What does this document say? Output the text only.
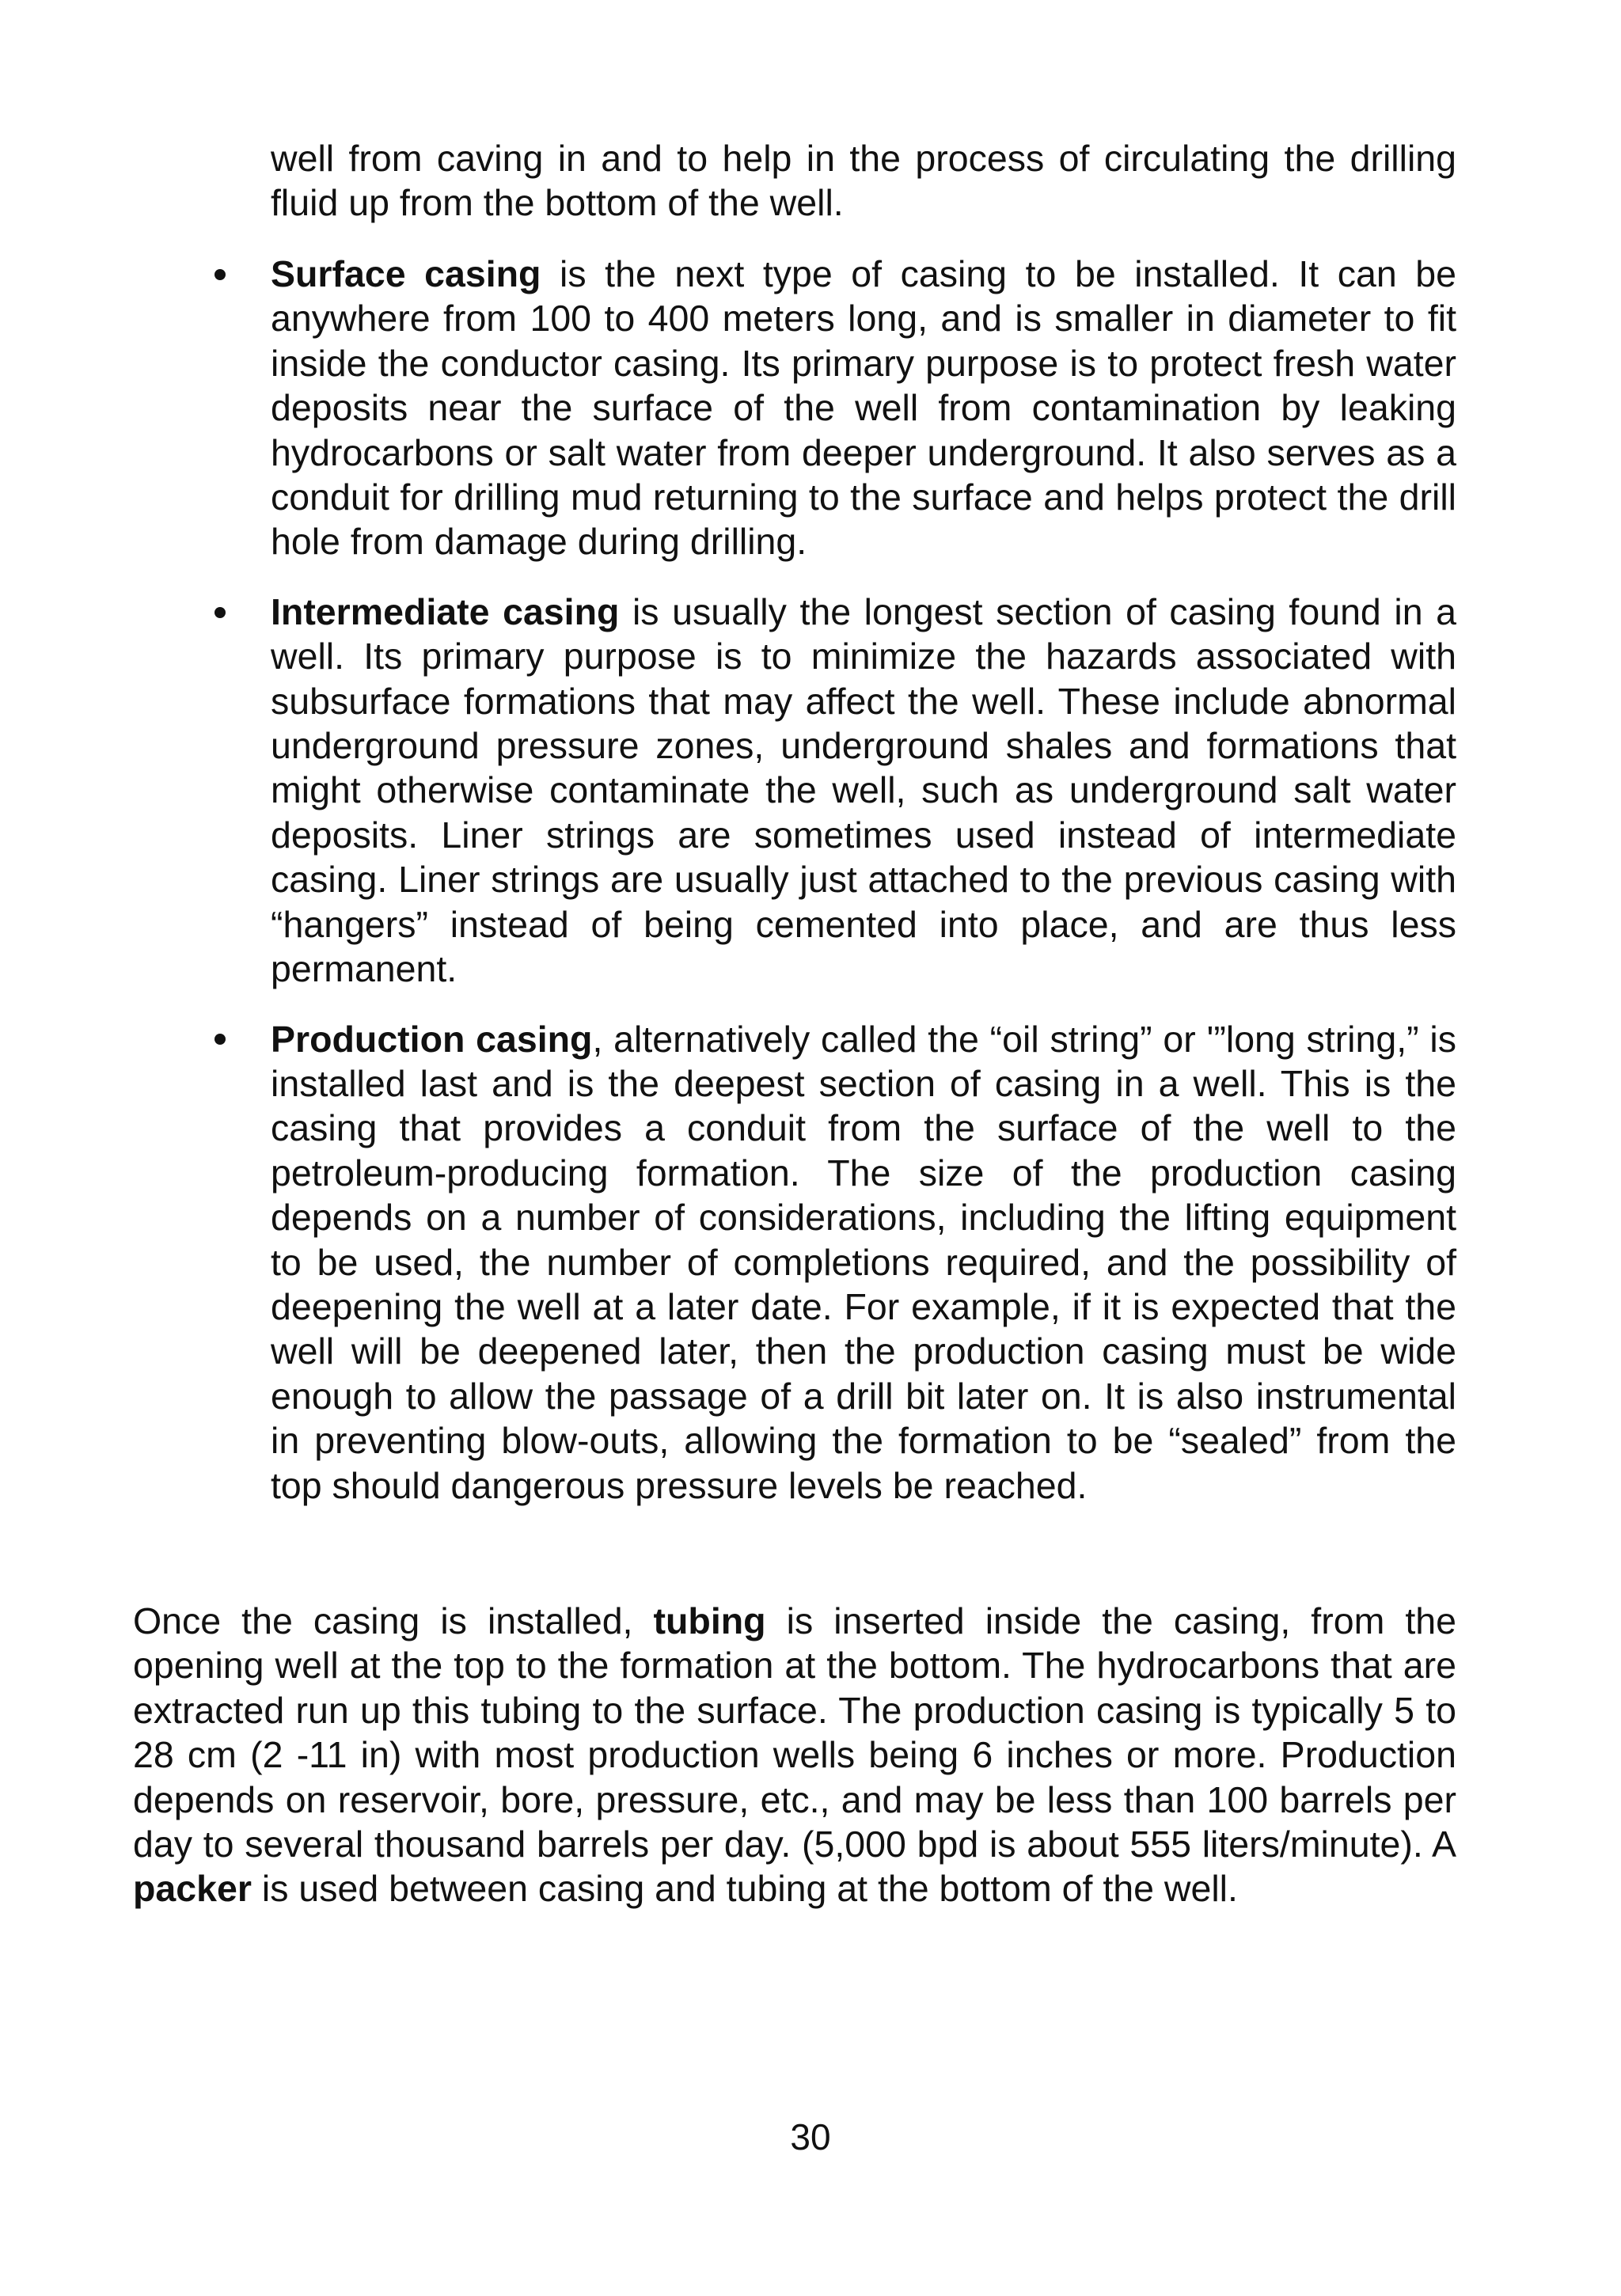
well from caving in and to help in the process of circulating the drilling fluid up from the bottom of the well.

Surface casing is the next type of casing to be installed. It can be anywhere from 100 to 400 meters long, and is smaller in diameter to fit inside the conductor casing. Its primary purpose is to protect fresh water deposits near the surface of the well from contamination by leaking hydrocarbons or salt water from deeper underground. It also serves as a conduit for drilling mud returning to the surface and helps protect the drill hole from damage during drilling.

Intermediate casing is usually the longest section of casing found in a well. Its primary purpose is to minimize the hazards associated with subsurface formations that may affect the well. These include abnormal underground pressure zones, underground shales and formations that might otherwise contaminate the well, such as underground salt water deposits. Liner strings are sometimes used instead of intermediate casing. Liner strings are usually just attached to the previous casing with “hangers” instead of being cemented into place, and are thus less permanent.

Production casing, alternatively called the “oil string” or '”long string,” is installed last and is the deepest section of casing in a well. This is the casing that provides a conduit from the surface of the well to the petroleum-producing formation. The size of the production casing depends on a number of considerations, including the lifting equipment to be used, the number of completions required, and the possibility of deepening the well at a later date. For example, if it is expected that the well will be deepened later, then the production casing must be wide enough to allow the passage of a drill bit later on. It is also instrumental in preventing blow-outs, allowing the formation to be “sealed” from the top should dangerous pressure levels be reached.

Once the casing is installed, tubing is inserted inside the casing, from the opening well at the top to the formation at the bottom. The hydrocarbons that are extracted run up this tubing to the surface. The production casing is typically 5 to 28 cm (2 -11 in) with most production wells being 6 inches or more. Production depends on reservoir, bore, pressure, etc., and may be less than 100 barrels per day to several thousand barrels per day. (5,000 bpd is about 555 liters/minute). A packer is used between casing and tubing at the bottom of the well.

30
